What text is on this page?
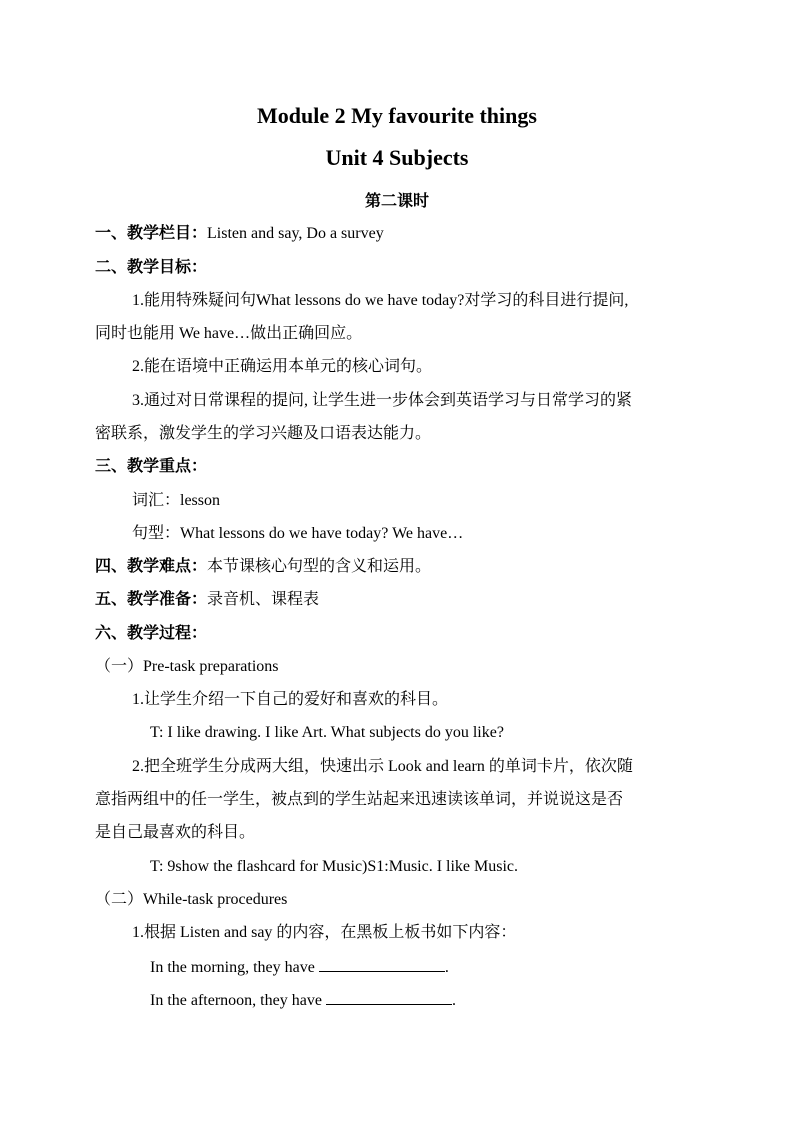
Module 2 My favourite things
Unit 4 Subjects
第二课时
一、教学栏目：Listen and say, Do a survey
二、教学目标：
1.能用特殊疑问句What lessons do we have today?对学习的科目进行提问,
同时也能用 We have…做出正确回应。
2.能在语境中正确运用本单元的核心词句。
3.通过对日常课程的提问, 让学生进一步体会到英语学习与日常学习的紧
密联系，激发学生的学习兴趣及口语表达能力。
三、教学重点：
词汇：lesson
句型：What lessons do we have today? We have…
四、教学难点：本节课核心句型的含义和运用。
五、教学准备：录音机、课程表
六、教学过程：
（一）Pre-task preparations
1.让学生介绍一下自己的爱好和喜欢的科目。
T: I like drawing. I like Art. What subjects do you like?
2.把全班学生分成两大组，快速出示 Look and learn 的单词卡片，依次随
意指两组中的任一学生，被点到的学生站起来迅速读该单词，并说说这是否
是自己最喜欢的科目。
T: 9show the flashcard for Music)S1:Music. I like Music.
（二）While-task procedures
1.根据 Listen and say 的内容，在黑板上板书如下内容：
In the morning, they have	.
In the afternoon, they have	.
